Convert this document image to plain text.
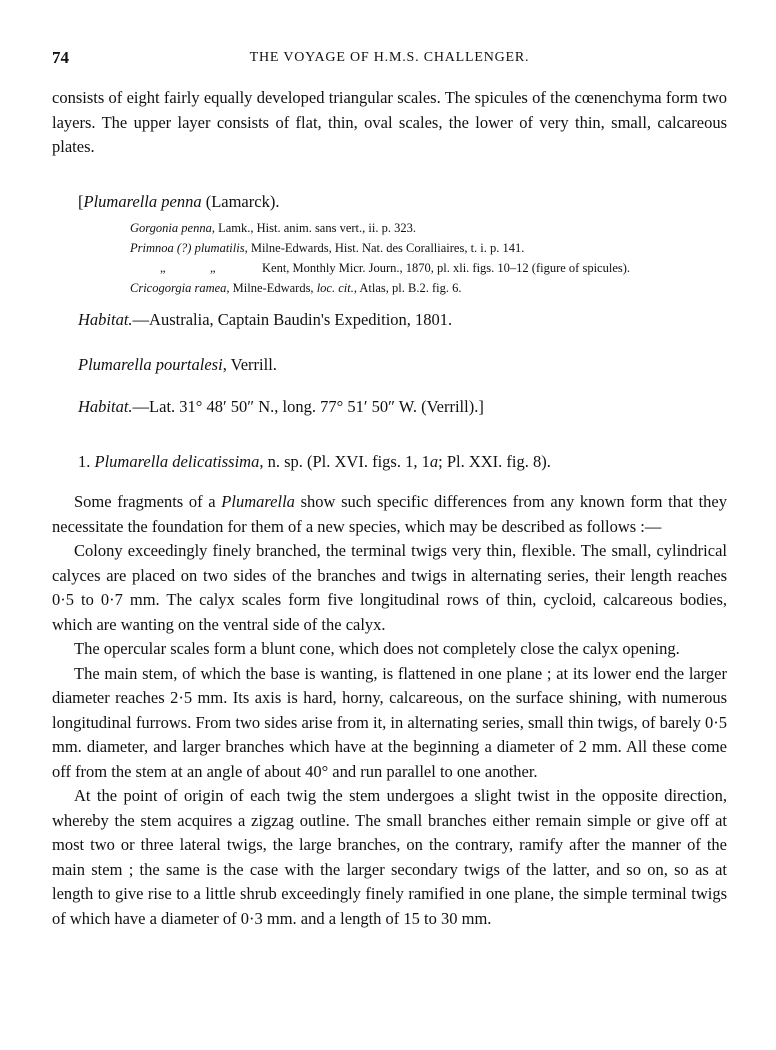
74	THE VOYAGE OF H.M.S. CHALLENGER.

consists of eight fairly equally developed triangular scales. The spicules of the cœnenchyma form two layers. The upper layer consists of flat, thin, oval scales, the lower of very thin, small, calcareous plates.

[Plumarella penna (Lamarck).

Gorgonia penna, Lamk., Hist. anim. sans vert., ii. p. 323.
Primnoa (?) plumatilis, Milne-Edwards, Hist. Nat. des Coralliaires, t. i. p. 141.
„	„	Kent, Monthly Micr. Journ., 1870, pl. xli. figs. 10–12 (figure of spicules).
Cricogorgia ramea, Milne-Edwards, loc. cit., Atlas, pl. B.2. fig. 6.

Habitat.—Australia, Captain Baudin's Expedition, 1801.

Plumarella pourtalesi, Verrill.

Habitat.—Lat. 31° 48′ 50″ N., long. 77° 51′ 50″ W. (Verrill).]

1. Plumarella delicatissima, n. sp. (Pl. XVI. figs. 1, 1a; Pl. XXI. fig. 8).

Some fragments of a Plumarella show such specific differences from any known form that they necessitate the foundation for them of a new species, which may be described as follows :—

Colony exceedingly finely branched, the terminal twigs very thin, flexible. The small, cylindrical calyces are placed on two sides of the branches and twigs in alternating series, their length reaches 0·5 to 0·7 mm. The calyx scales form five longitudinal rows of thin, cycloid, calcareous bodies, which are wanting on the ventral side of the calyx.

The opercular scales form a blunt cone, which does not completely close the calyx opening.

The main stem, of which the base is wanting, is flattened in one plane ; at its lower end the larger diameter reaches 2·5 mm. Its axis is hard, horny, calcareous, on the surface shining, with numerous longitudinal furrows. From two sides arise from it, in alternating series, small thin twigs, of barely 0·5 mm. diameter, and larger branches which have at the beginning a diameter of 2 mm. All these come off from the stem at an angle of about 40° and run parallel to one another.

At the point of origin of each twig the stem undergoes a slight twist in the opposite direction, whereby the stem acquires a zigzag outline. The small branches either remain simple or give off at most two or three lateral twigs, the large branches, on the contrary, ramify after the manner of the main stem ; the same is the case with the larger secondary twigs of the latter, and so on, so as at length to give rise to a little shrub exceedingly finely ramified in one plane, the simple terminal twigs of which have a diameter of 0·3 mm. and a length of 15 to 30 mm.
